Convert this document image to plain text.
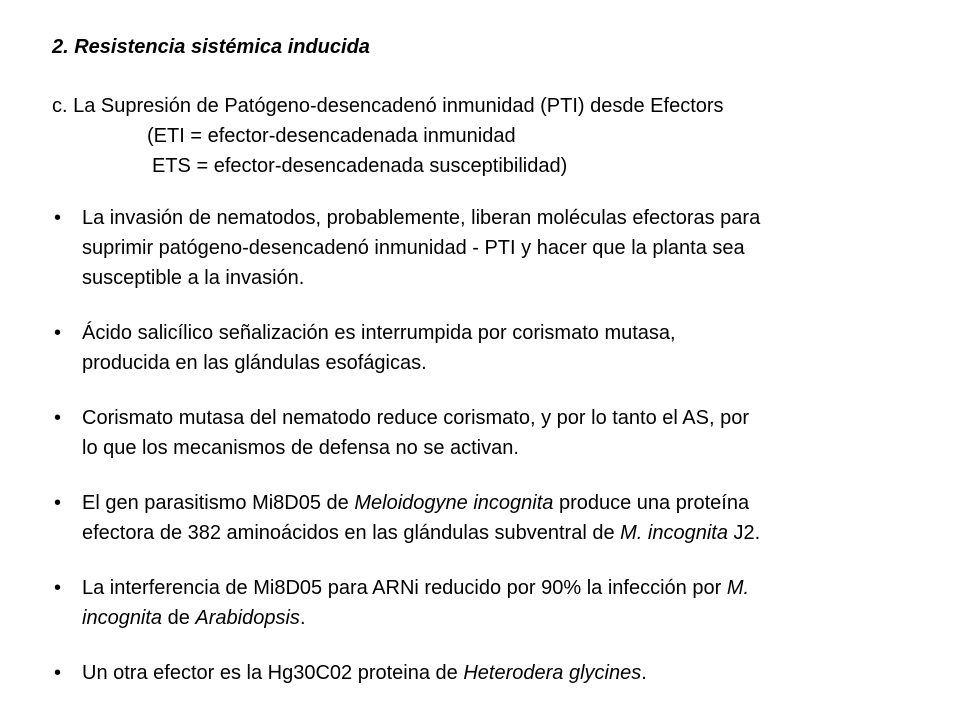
2. Resistencia sistémica inducida
c. La Supresión de Patógeno-desencadenó inmunidad (PTI) desde Efectors
(ETI = efector-desencadenada inmunidad
ETS = efector-desencadenada susceptibilidad)
• La invasión de nematodos, probablemente, liberan moléculas efectoras para
suprimir patógeno-desencadenó inmunidad - PTI y hacer que la planta sea
susceptible a la invasión.
• Ácido salicílico señalización es interrumpida por corismato mutasa,
producida en las glándulas esofágicas.
• Corismato mutasa del nematodo reduce corismato, y por lo tanto el AS, por
lo que los mecanismos de defensa no se activan.
• El gen parasitismo Mi8D05 de Meloidogyne incognita produce una proteína
efectora de 382 aminoácidos en las glándulas subventral de M. incognita J2.
• La interferencia de Mi8D05 para ARNi reducido por 90% la infección por M.
incognita de Arabidopsis.
• Un otra efector es la Hg30C02 proteina de Heterodera glycines.
